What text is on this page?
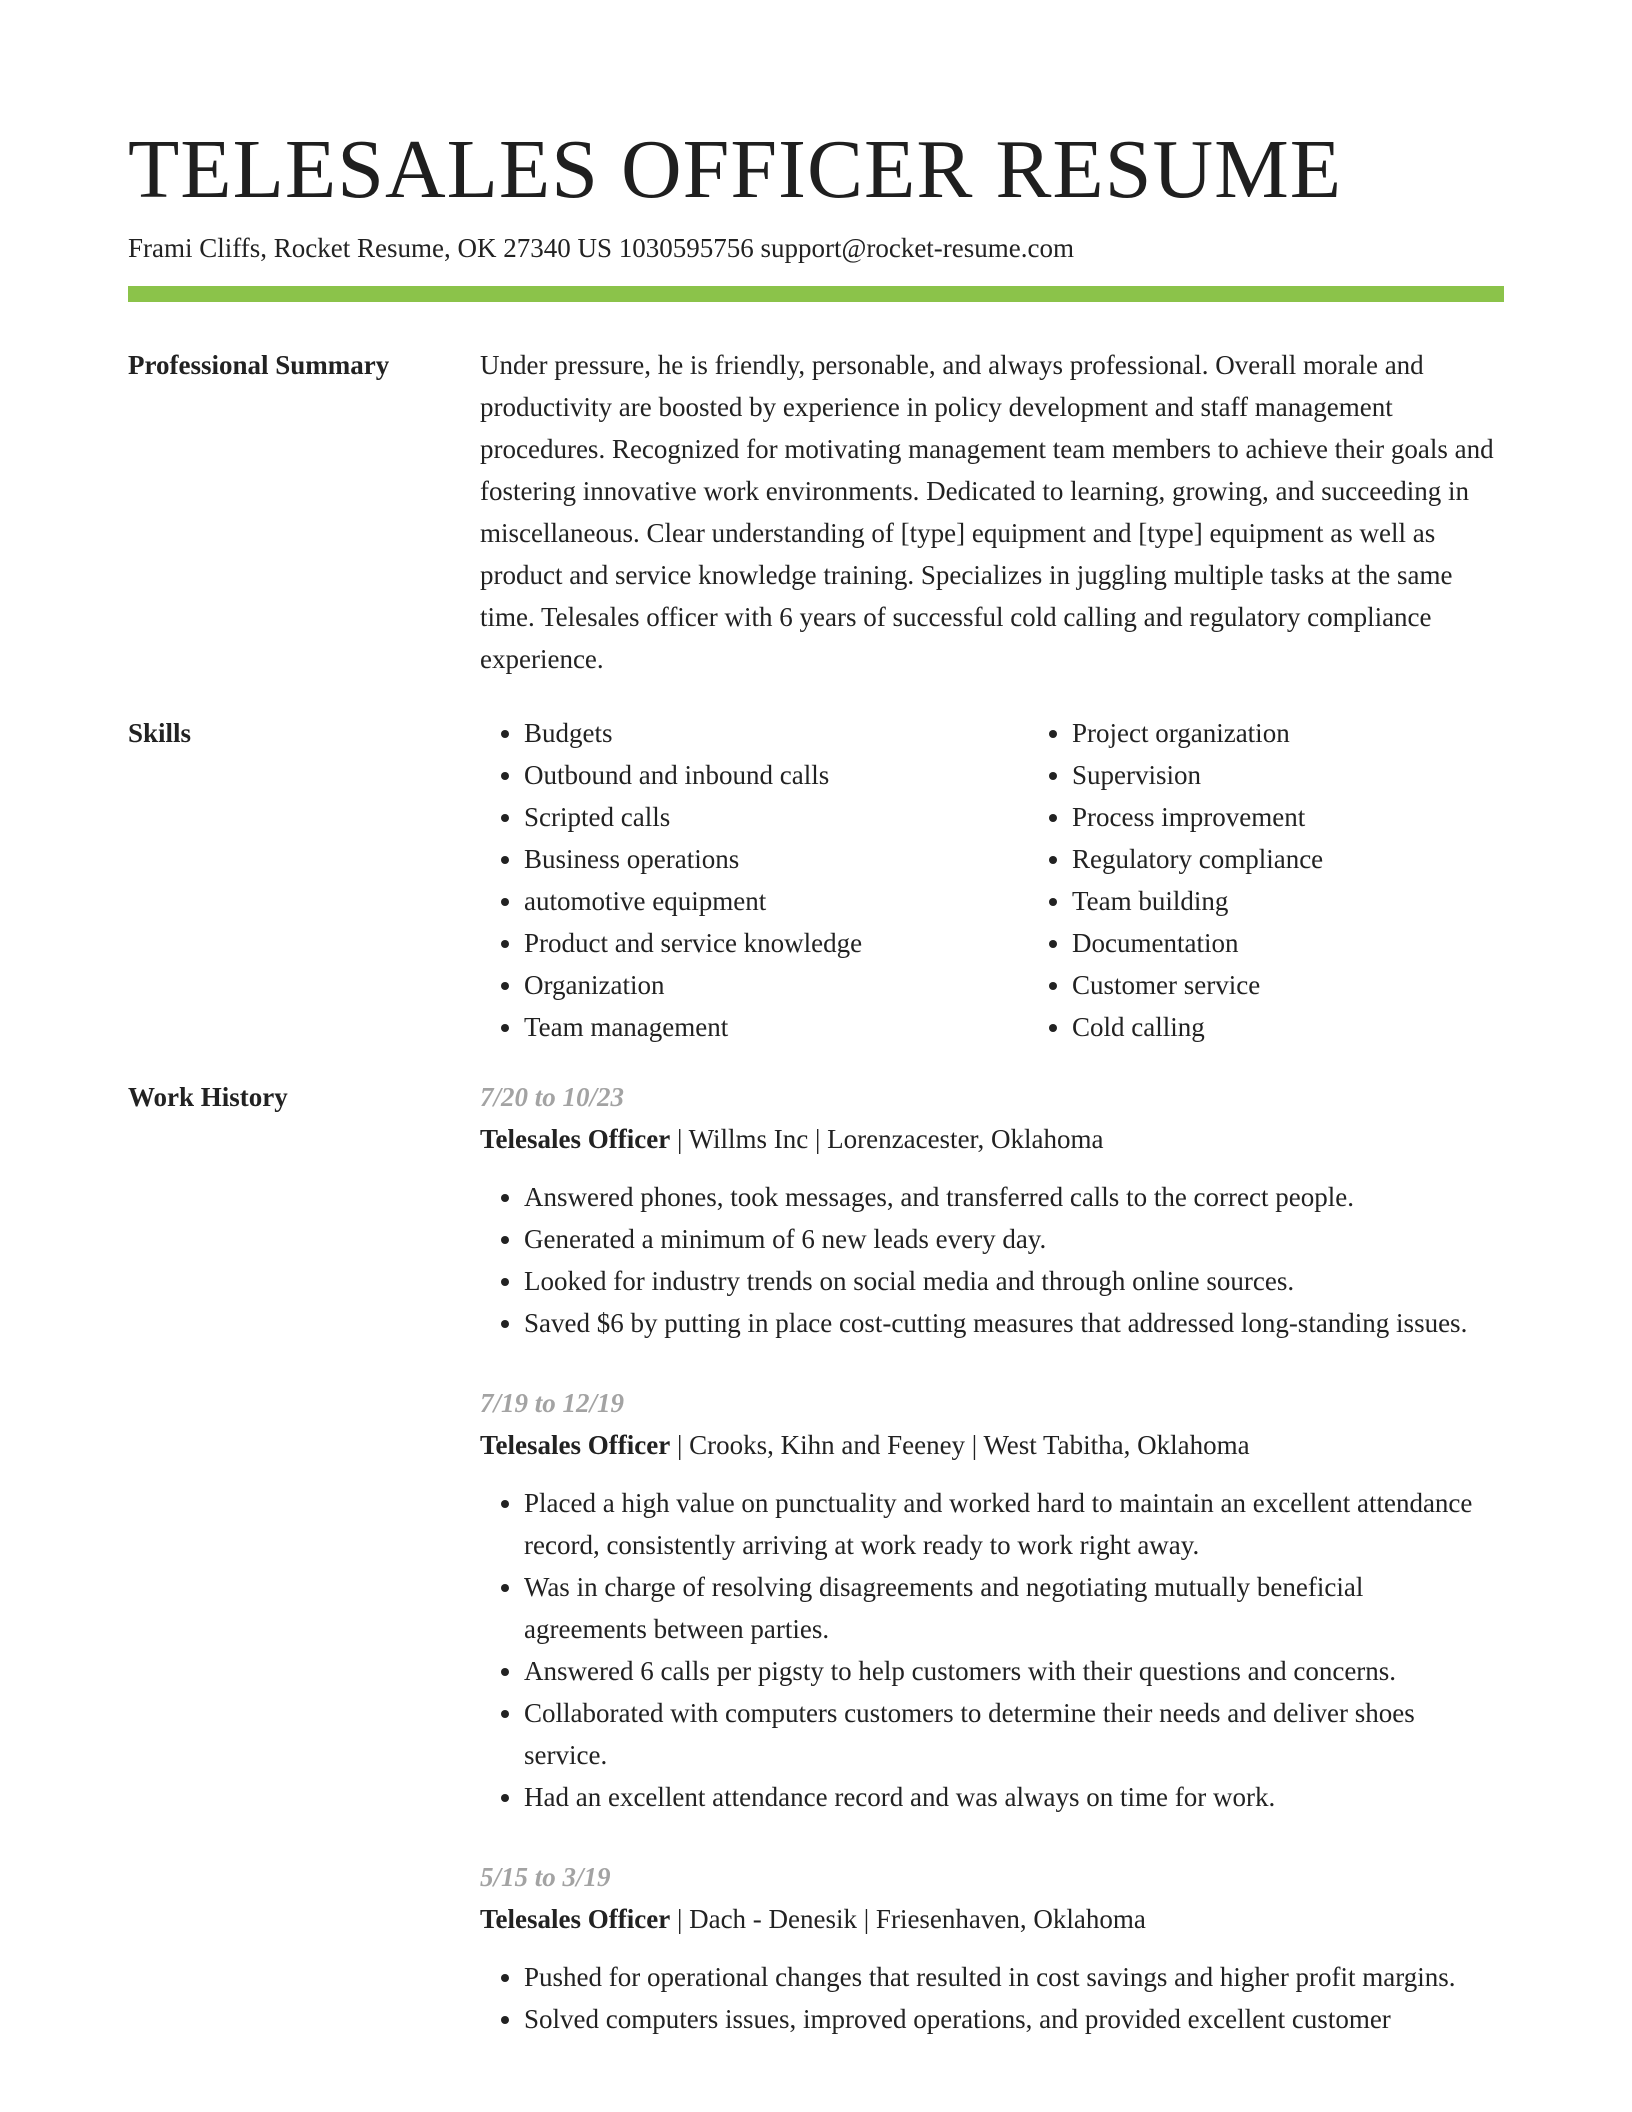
TELESALES OFFICER RESUME
Frami Cliffs, Rocket Resume, OK 27340 US 1030595756 support@rocket-resume.com
Professional Summary	Under pressure, he is friendly, personable, and always professional. Overall morale and productivity are boosted by experience in policy development and staff management procedures. Recognized for motivating management team members to achieve their goals and fostering innovative work environments. Dedicated to learning, growing, and succeeding in miscellaneous. Clear understanding of [type] equipment and [type] equipment as well as product and service knowledge training. Specializes in juggling multiple tasks at the same time. Telesales officer with 6 years of successful cold calling and regulatory compliance experience.

Skills
•	Budgets
• Outbound and inbound calls
• Scripted calls
• Business operations
• automotive equipment
• Product and service knowledge
• Organization
• Team management
• Project organization
• Supervision
• Process improvement
• Regulatory compliance
• Team building
• Documentation
• Customer service
• Cold calling
Work History	7/20 to 10/23
Telesales Officer | Willms Inc | Lorenzacester, Oklahoma
• Answered phones, took messages, and transferred calls to the correct people.
• Generated a minimum of 6 new leads every day.
• Looked for industry trends on social media and through online sources.
• Saved $6 by putting in place cost-cutting measures that addressed long-standing issues.
7/19 to 12/19
Telesales Officer | Crooks, Kihn and Feeney | West Tabitha, Oklahoma
• Placed a high value on punctuality and worked hard to maintain an excellent attendance record, consistently arriving at work ready to work right away.
• Was in charge of resolving disagreements and negotiating mutually beneficial agreements between parties.
• Answered 6 calls per pigsty to help customers with their questions and concerns.
• Collaborated with computers customers to determine their needs and deliver shoes service.
• Had an excellent attendance record and was always on time for work.
5/15 to 3/19
Telesales Officer | Dach - Denesik | Friesenhaven, Oklahoma
• Pushed for operational changes that resulted in cost savings and higher profit margins.
• Solved computers issues, improved operations, and provided excellent customer
